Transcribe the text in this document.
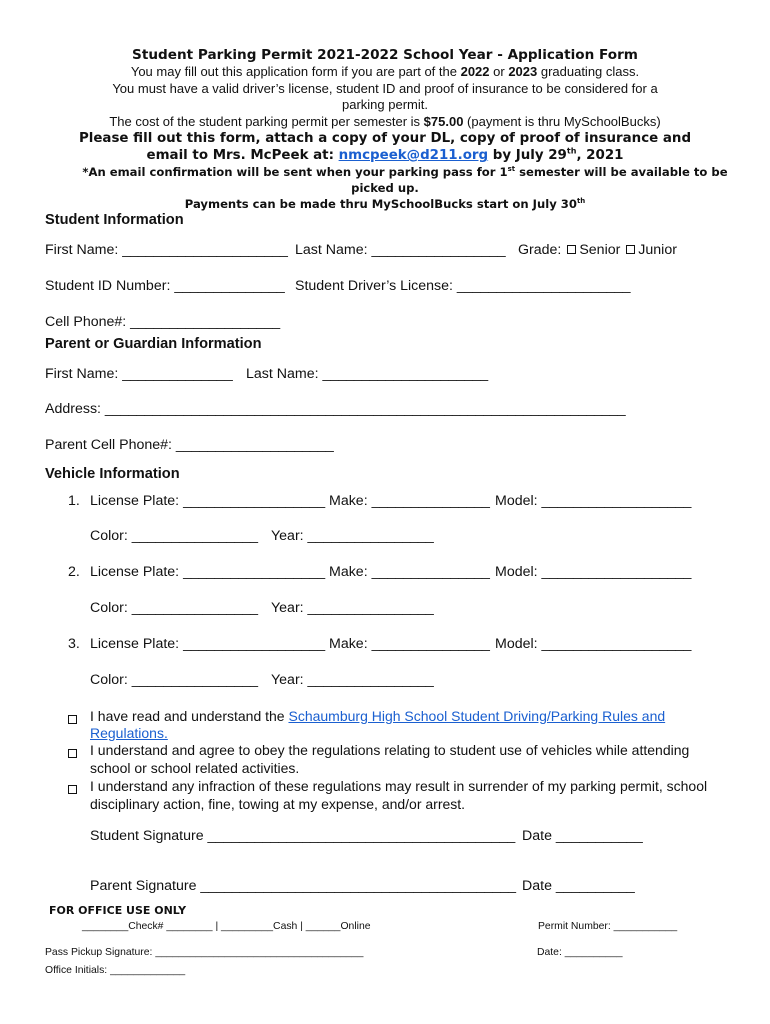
Student Parking Permit 2021-2022 School Year - Application Form
You may fill out this application form if you are part of the 2022 or 2023 graduating class.
You must have a valid driver’s license, student ID and proof of insurance to be considered for a
parking permit.
The cost of the student parking permit per semester is $75.00 (payment is thru MySchoolBucks)
Please fill out this form, attach a copy of your DL, copy of proof of insurance and
email to Mrs. McPeek at: nmcpeek@d211.org by July 29th, 2021
*An email confirmation will be sent when your parking pass for 1st semester will be available to be
picked up.
Payments can be made thru MySchoolBucks start on July 30th
Student Information
First Name: _____________________ Last Name: _________________ Grade: Senior Junior
Student ID Number: ______________ Student Driver’s License: ______________________
Cell Phone#: ___________________
Parent or Guardian Information
First Name: ______________ Last Name: _____________________
Address: __________________________________________________________________
Parent Cell Phone#: ____________________
Vehicle Information
1. License Plate: __________________ Make: _______________ Model: ___________________
Color: ________________ Year: ________________
2. License Plate: __________________ Make: _______________ Model: ___________________
Color: ________________ Year: ________________
3. License Plate: __________________ Make: _______________ Model: ___________________
Color: ________________ Year: ________________
I have read and understand the Schaumburg High School Student Driving/Parking Rules and
Regulations.
I understand and agree to obey the regulations relating to student use of vehicles while attending
school or school related activities.
I understand any infraction of these regulations may result in surrender of my parking permit, school
disciplinary action, fine, towing at my expense, and/or arrest.
Student Signature _______________________________________ Date ___________
Parent Signature ________________________________________ Date __________
FOR OFFICE USE ONLY
________Check# ________ | _________Cash | ______Online	Permit Number: ___________
Pass Pickup Signature: ____________________________________	Date: __________
Office Initials: _____________
